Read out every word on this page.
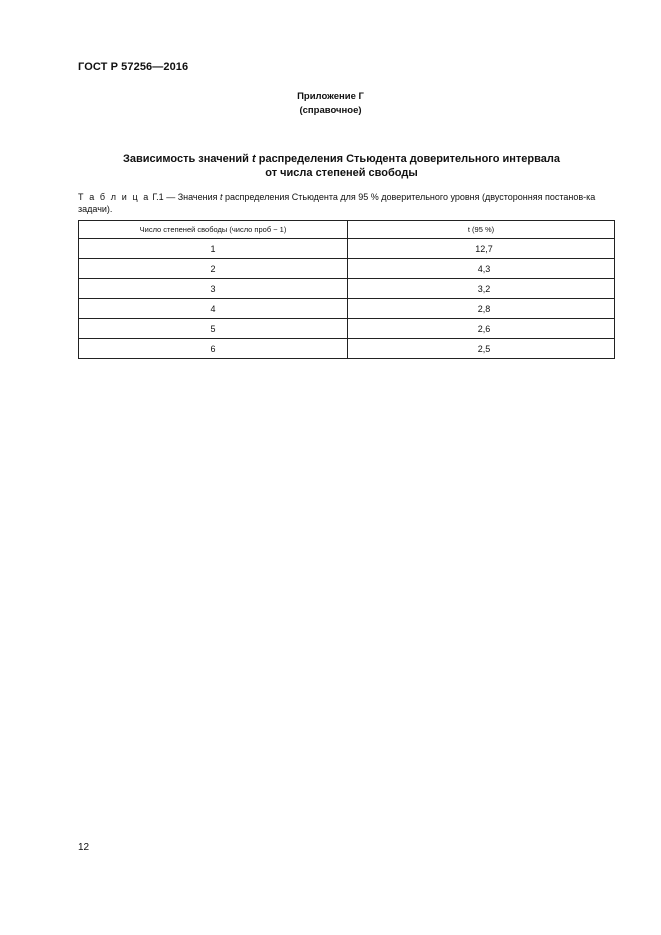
ГОСТ Р 57256—2016
Приложение Г
(справочное)
Зависимость значений t распределения Стьюдента доверительного интервала
от числа степеней свободы
Т а б л и ц а Г.1 — Значения t распределения Стьюдента для 95 % доверительного уровня (двусторонняя постанов-ка задачи).
Число степеней свободы (число проб − 1)	t (95 %)
1	12,7
2	4,3
3	3,2
4	2,8
5	2,6
6	2,5
12
